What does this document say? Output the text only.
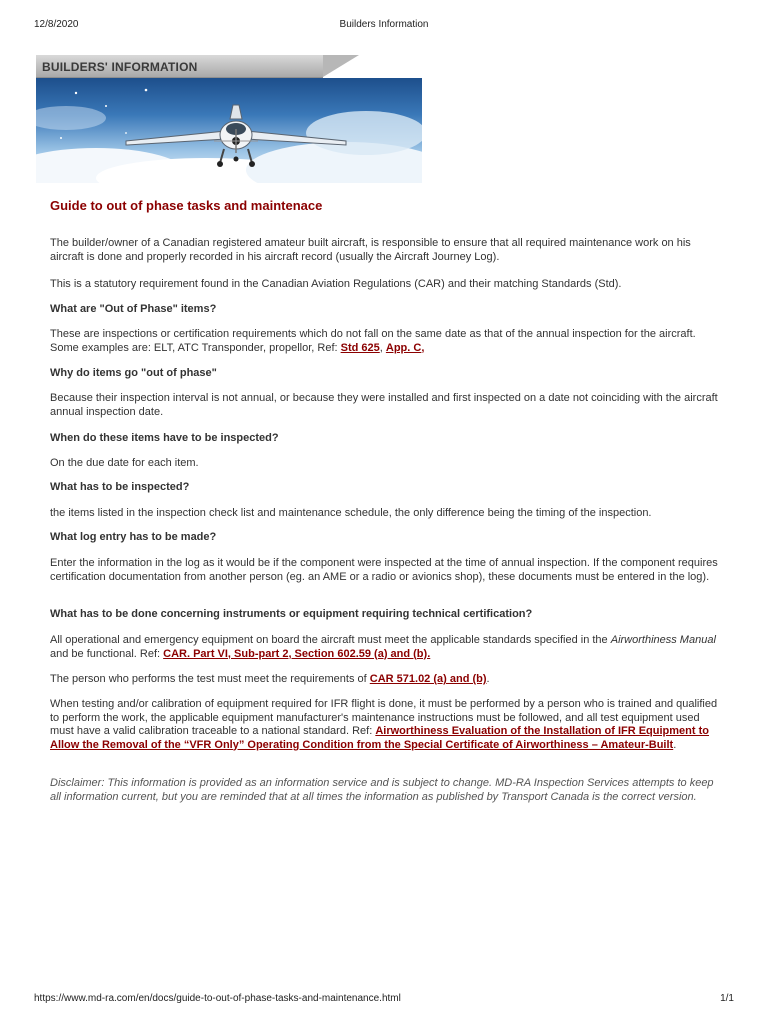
12/8/2020	Builders Information
BUILDERS' INFORMATION
Guide to out of phase tasks and maintenace

The builder/owner of a Canadian registered amateur built aircraft, is responsible to ensure that all required maintenance work on his aircraft is done and properly recorded in his aircraft record (usually the Aircraft Journey Log).

This is a statutory requirement found in the Canadian Aviation Regulations (CAR) and their matching Standards (Std).

What are "Out of Phase" items?

These are inspections or certification requirements which do not fall on the same date as that of the annual inspection for the aircraft. Some examples are: ELT, ATC Transponder, propellor, Ref: Std 625, App. C,

Why do items go "out of phase"

Because their inspection interval is not annual, or because they were installed and first inspected on a date not coinciding with the aircraft annual inspection date.

When do these items have to be inspected?

On the due date for each item.

What has to be inspected?

the items listed in the inspection check list and maintenance schedule, the only difference being the timing of the inspection.

What log entry has to be made?

Enter the information in the log as it would be if the component were inspected at the time of annual inspection. If the component requires certification documentation from another person (eg. an AME or a radio or avionics shop), these documents must be entered in the log).

What has to be done concerning instruments or equipment requiring technical certification?

All operational and emergency equipment on board the aircraft must meet the applicable standards specified in the Airworthiness Manual and be functional. Ref: CAR. Part VI, Sub-part 2, Section 602.59 (a) and (b).

The person who performs the test must meet the requirements of CAR 571.02 (a) and (b).

When testing and/or calibration of equipment required for IFR flight is done, it must be performed by a person who is trained and qualified to perform the work, the applicable equipment manufacturer's maintenance instructions must be followed, and all test equipment used must have a valid calibration traceable to a national standard. Ref: Airworthiness Evaluation of the Installation of IFR Equipment to Allow the Removal of the “VFR Only” Operating Condition from the Special Certificate of Airworthiness – Amateur-Built.

Disclaimer: This information is provided as an information service and is subject to change. MD-RA Inspection Services attempts to keep all information current, but you are reminded that at all times the information as published by Transport Canada is the correct version.

https://www.md-ra.com/en/docs/guide-to-out-of-phase-tasks-and-maintenance.html	1/1
